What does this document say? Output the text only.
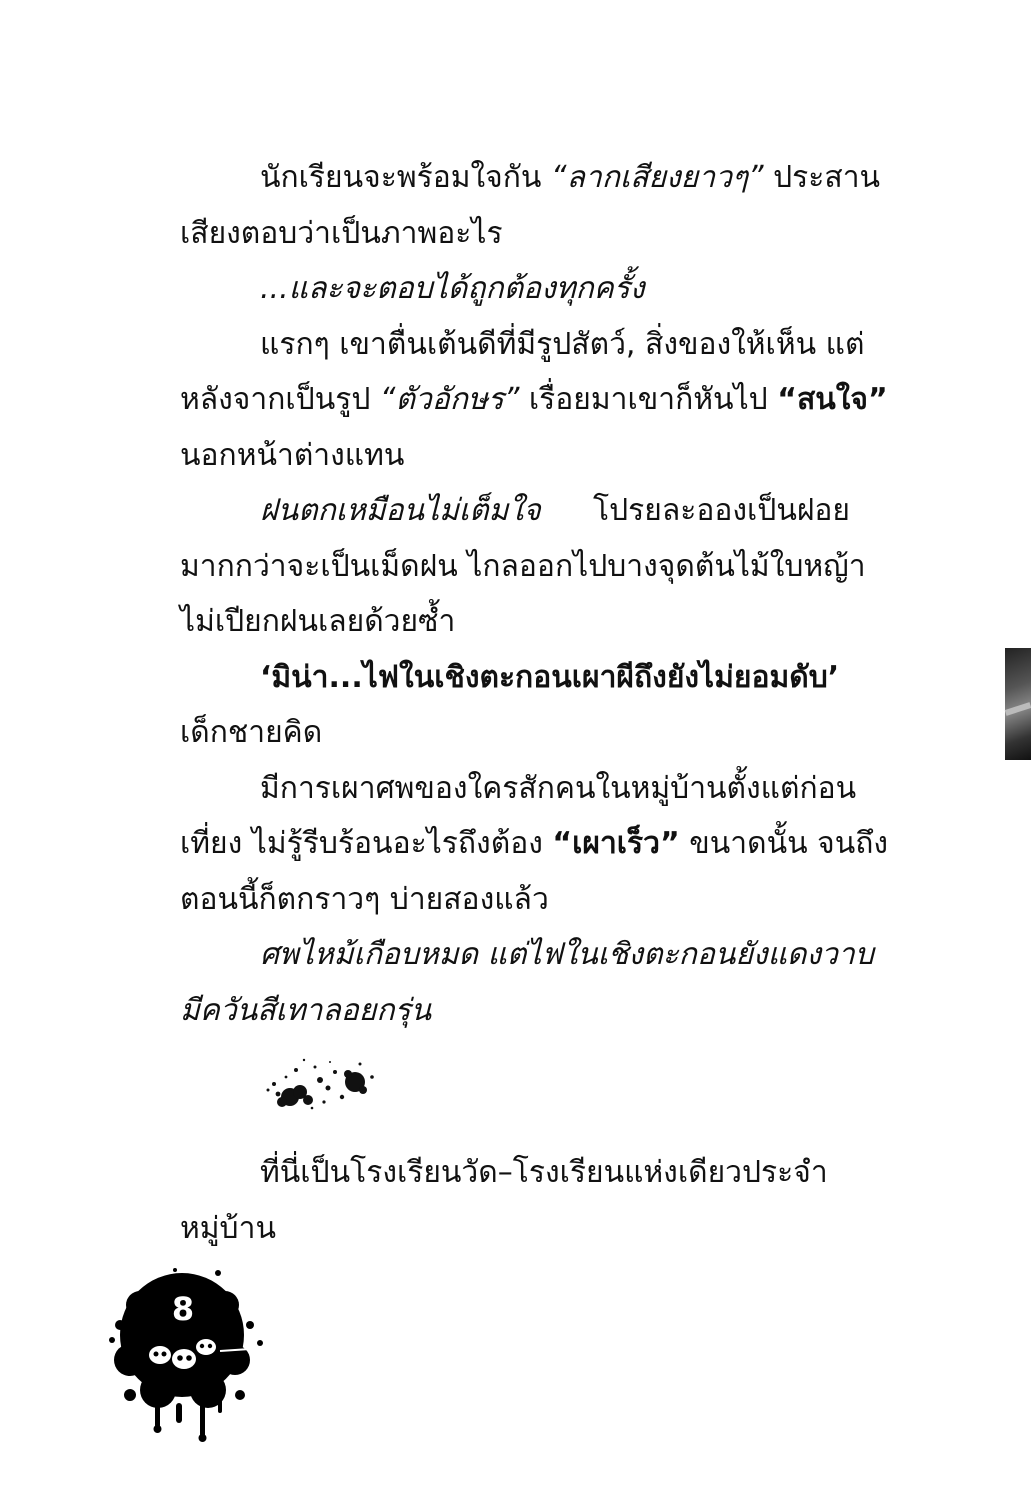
นักเรียนจะพร้อมใจกัน “ลากเสียงยาวๆ” ประสาน
เสียงตอบว่าเป็นภาพอะไร
...และจะตอบได้ถูกต้องทุกครั้ง
แรกๆ เขาตื่นเต้นดีที่มีรูปสัตว์, สิ่งของให้เห็น แต่
หลังจากเป็นรูป “ตัวอักษร” เรื่อยมาเขาก็หันไป “สนใจ”
นอกหน้าต่างแทน
ฝนตกเหมือนไม่เต็มใจ โปรยละอองเป็นฝอย
มากกว่าจะเป็นเม็ดฝน ไกลออกไปบางจุดต้นไม้ใบหญ้า
ไม่เปียกฝนเลยด้วยซ้ำ
‘มิน่า...ไฟในเชิงตะกอนเผาผีถึงยังไม่ยอมดับ’
เด็กชายคิด
มีการเผาศพของใครสักคนในหมู่บ้านตั้งแต่ก่อน
เที่ยง ไม่รู้รีบร้อนอะไรถึงต้อง “เผาเร็ว” ขนาดนั้น จนถึง
ตอนนี้ก็ตกราวๆ บ่ายสองแล้ว
ศพไหม้เกือบหมด แต่ไฟในเชิงตะกอนยังแดงวาบ
มีควันสีเทาลอยกรุ่น
ที่นี่เป็นโรงเรียนวัด–โรงเรียนแห่งเดียวประจำ
หมู่บ้าน
8
